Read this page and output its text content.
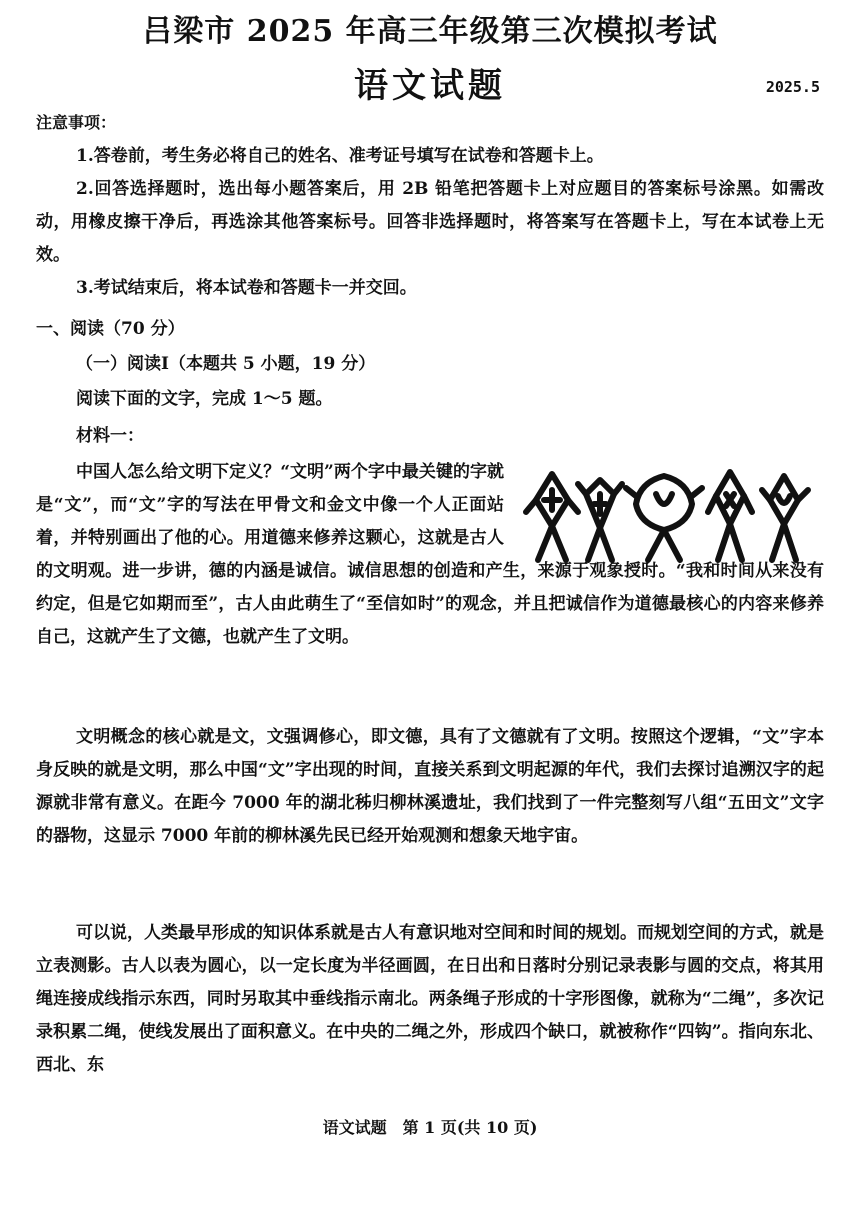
吕梁市 2025 年高三年级第三次模拟考试
语文试题	2025.5
注意事项：
1.答卷前，考生务必将自己的姓名、准考证号填写在试卷和答题卡上。
2.回答选择题时，选出每小题答案后，用 2B 铅笔把答题卡上对应题目的答案标号涂黑。如需改动，用橡皮擦干净后，再选涂其他答案标号。回答非选择题时，将答案写在答题卡上，写在本试卷上无效。
3.考试结束后，将本试卷和答题卡一并交回。
一、阅读（70 分）
（一）阅读Ⅰ（本题共 5 小题，19 分）
阅读下面的文字，完成 1～5 题。
材料一：
中国人怎么给文明下定义？“文明”两个字中最关键的字就是“文”，而“文”字的写法在甲骨文和金文中像一个人正面站着，并特别画出了他的心。用道德来修养这颗心，这就是古人的文明观。进一步讲，德的内涵是诚信。诚信思想的创造和产生，来源于观象授时。“我和时间从来没有约定，但是它如期而至”，古人由此萌生了“至信如时”的观念，并且把诚信作为道德最核心的内容来修养自己，这就产生了文德，也就产生了文明。
文明概念的核心就是文，文强调修心，即文德，具有了文德就有了文明。按照这个逻辑，“文”字本身反映的就是文明，那么中国“文”字出现的时间，直接关系到文明起源的年代，我们去探讨追溯汉字的起源就非常有意义。在距今 7000 年的湖北秭归柳林溪遗址，我们找到了一件完整刻写八组“五田文”文字的器物，这显示 7000 年前的柳林溪先民已经开始观测和想象天地宇宙。
可以说，人类最早形成的知识体系就是古人有意识地对空间和时间的规划。而规划空间的方式，就是立表测影。古人以表为圆心，以一定长度为半径画圆，在日出和日落时分别记录表影与圆的交点，将其用绳连接成线指示东西，同时另取其中垂线指示南北。两条绳子形成的十字形图像，就称为“二绳”，多次记录积累二绳，使线发展出了面积意义。在中央的二绳之外，形成四个缺口，就被称作“四钩”。指向东北、西北、东
语文试题　第 1 页(共 10 页)
